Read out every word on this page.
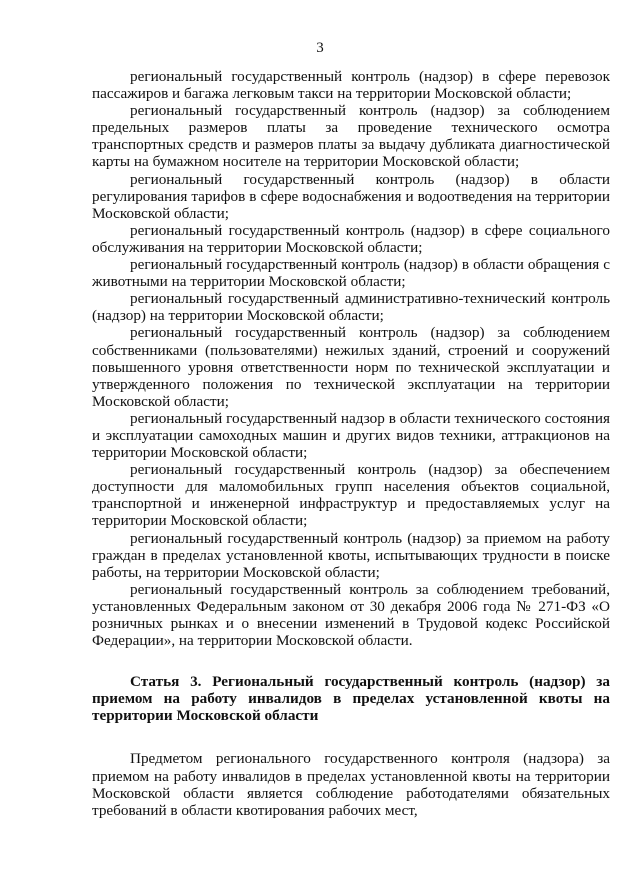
3

региональный государственный контроль (надзор) в сфере перевозок пассажиров и багажа легковым такси на территории Московской области;

региональный государственный контроль (надзор) за соблюдением предельных размеров платы за проведение технического осмотра транспортных средств и размеров платы за выдачу дубликата диагностической карты на бумажном носителе на территории Московской области;

региональный государственный контроль (надзор) в области регулирования тарифов в сфере водоснабжения и водоотведения на территории Московской области;

региональный государственный контроль (надзор) в сфере социального обслуживания на территории Московской области;

региональный государственный контроль (надзор) в области обращения с животными на территории Московской области;

региональный государственный административно-технический контроль (надзор) на территории Московской области;

региональный государственный контроль (надзор) за соблюдением собственниками (пользователями) нежилых зданий, строений и сооружений повышенного уровня ответственности норм по технической эксплуатации и утвержденного положения по технической эксплуатации на территории Московской области;

региональный государственный надзор в области технического состояния и эксплуатации самоходных машин и других видов техники, аттракционов на территории Московской области;

региональный государственный контроль (надзор) за обеспечением доступности для маломобильных групп населения объектов социальной, транспортной и инженерной инфраструктур и предоставляемых услуг на территории Московской области;

региональный государственный контроль (надзор) за приемом на работу граждан в пределах установленной квоты, испытывающих трудности в поиске работы, на территории Московской области;

региональный государственный контроль за соблюдением требований, установленных Федеральным законом от 30 декабря 2006 года № 271-ФЗ «О розничных рынках и о внесении изменений в Трудовой кодекс Российской Федерации», на территории Московской области.

Статья 3. Региональный государственный контроль (надзор) за приемом на работу инвалидов в пределах установленной квоты на территории Московской области

Предметом регионального государственного контроля (надзора) за приемом на работу инвалидов в пределах установленной квоты на территории Московской области является соблюдение работодателями обязательных требований в области квотирования рабочих мест,
